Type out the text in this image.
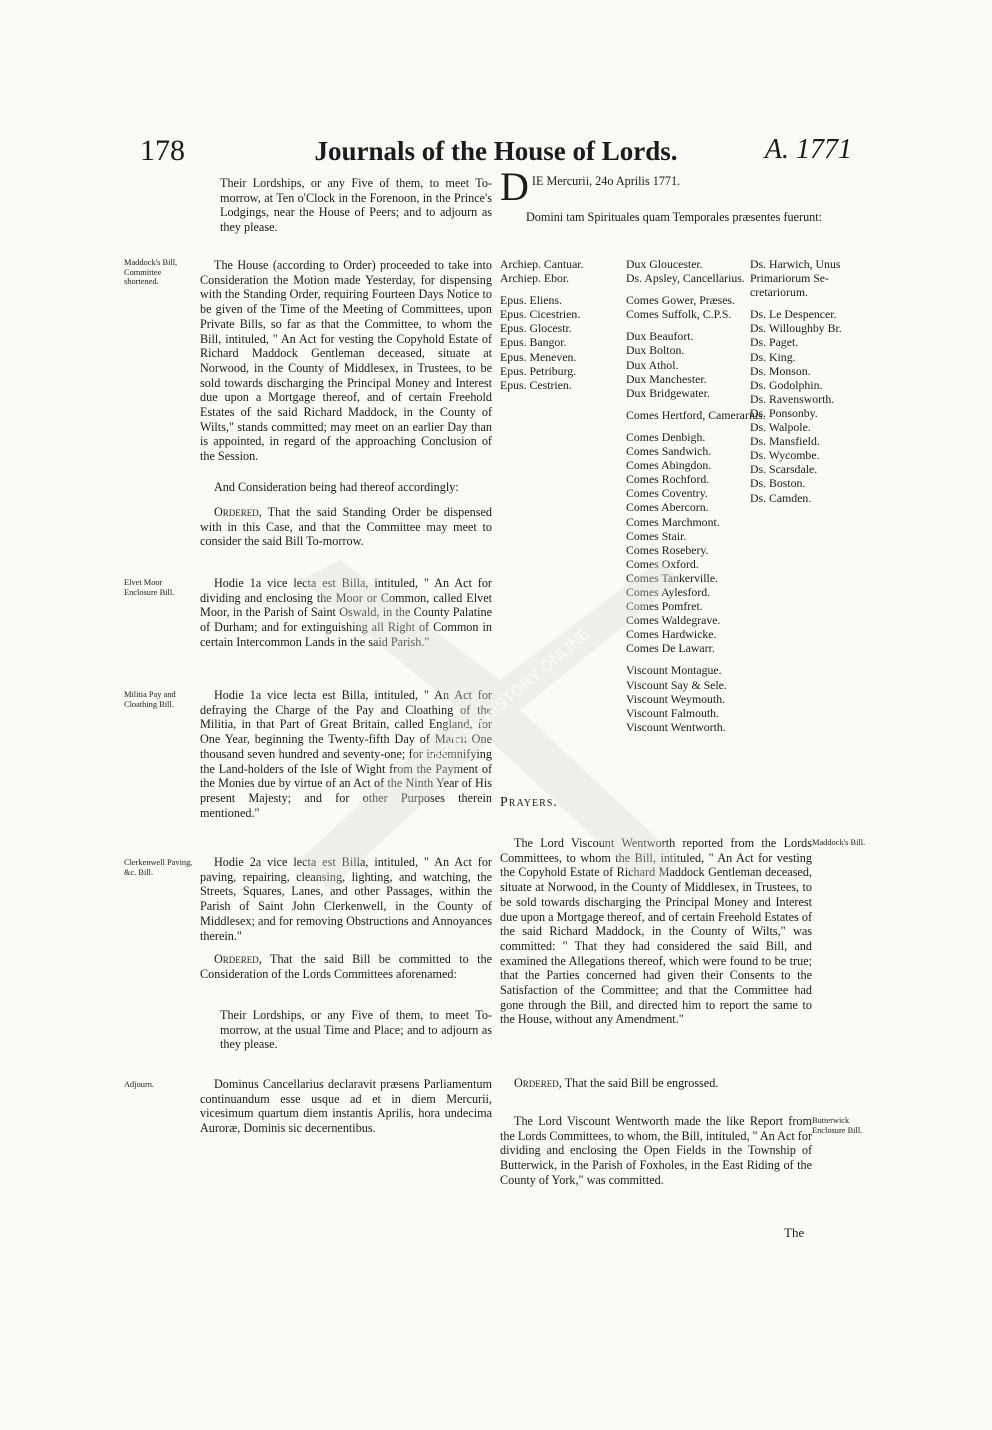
178	Journals of the House of Lords.	A. 1771

Their Lordships, or any Five of them, to meet To-morrow, at Ten o'Clock in the Forenoon, in the Prince's Lodgings, near the House of Peers; and to adjourn as they please.

Maddock's Bill, Committee shortened.

The House (according to Order) proceeded to take into Consideration the Motion made Yesterday, for dispensing with the Standing Order, requiring Fourteen Days Notice to be given of the Time of the Meeting of Committees, upon Private Bills, so far as that the Committee, to whom the Bill, intituled, " An Act for vesting the Copyhold Estate of Richard Maddock Gentleman deceased, situate at Norwood, in the County of Middlesex, in Trustees, to be sold towards discharging the Principal Money and Interest due upon a Mortgage thereof, and of certain Freehold Estates of the said Richard Maddock, in the County of Wilts," stands committed; may meet on an earlier Day than is appointed, in regard of the approaching Conclusion of the Session.

And Consideration being had thereof accordingly:

Ordered, That the said Standing Order be dispensed with in this Case, and that the Committee may meet to consider the said Bill To-morrow.

Elvet Moor Enclosure Bill.

Hodie 1a vice lecta est Billa, intituled, " An Act for dividing and enclosing the Moor or Common, called Elvet Moor, in the Parish of Saint Oswald, in the County Palatine of Durham; and for extinguishing all Right of Common in certain Intercommon Lands in the said Parish."

Militia Pay and Cloathing Bill.

Hodie 1a vice lecta est Billa, intituled, " An Act for defraying the Charge of the Pay and Cloathing of the Militia, in that Part of Great Britain, called England, for One Year, beginning the Twenty-fifth Day of March One thousand seven hundred and seventy-one; for indemnifying the Land-holders of the Isle of Wight from the Payment of the Monies due by virtue of an Act of the Ninth Year of His present Majesty; and for other Purposes therein mentioned."

Clerkenwell Paving, &c. Bill.

Hodie 2a vice lecta est Billa, intituled, " An Act for paving, repairing, cleansing, lighting, and watching, the Streets, Squares, Lanes, and other Passages, within the Parish of Saint John Clerkenwell, in the County of Middlesex; and for removing Obstructions and Annoyances therein."

Ordered, That the said Bill be committed to the Consideration of the Lords Committees aforenamed:

Their Lordships, or any Five of them, to meet To-morrow, at the usual Time and Place; and to adjourn as they please.

Adjourn.	Dominus Cancellarius declaravit præsens Parliamentum continuandum esse usque ad et in diem Mercurii, vicesimum quartum diem instantis Aprilis, hora undecima Auroræ, Dominis sic decernentibus.

D IE Mercurii, 24o Aprilis 1771.

Domini tam Spirituales quam Temporales præsentes fuerunt:

Archiep. Cantuar.
Archiep. Ebor.
Epus. Eliens.
Epus. Cicestrien.
Epus. Glocestr.
Epus. Bangor.
Epus. Meneven.
Epus. Petriburg.
Epus. Cestrien.
Dux Gloucester.
Ds. Apsley, Cancellarius.
Comes Gower, Præses.
Comes Suffolk, C.P.S.
Dux Beaufort.
Dux Bolton.
Dux Athol.
Dux Manchester.
Dux Bridgewater.
Comes Hertford, Camerarius.
Comes Denbigh.
Comes Sandwich.
Comes Abingdon.
Comes Rochford.
Comes Coventry.
Comes Abercorn.
Comes Marchmont.
Comes Stair.
Comes Rosebery.
Comes Oxford.
Comes Tankerville.
Comes Aylesford.
Comes Pomfret.
Comes Waldegrave.
Comes Hardwicke.
Comes De Lawarr.
Viscount Montague.
Viscount Say & Sele.
Viscount Weymouth.
Viscount Falmouth.
Viscount Wentworth.
Ds. Harwich, Unus
Primariorum Se-
cretariorum.
Ds. Le Despencer.
Ds. Willoughby Br.
Ds. Paget.
Ds. King.
Ds. Monson.
Ds. Godolphin.
Ds. Ravensworth.
Ds. Ponsonby.
Ds. Walpole.
Ds. Mansfield.
Ds. Wycombe.
Ds. Scarsdale.
Ds. Boston.
Ds. Camden.

Prayers.

Maddock's Bill.

The Lord Viscount Wentworth reported from the Lords Committees, to whom the Bill, intituled, " An Act for vesting the Copyhold Estate of Richard Maddock Gentleman deceased, situate at Norwood, in the County of Middlesex, in Trustees, to be sold towards discharging the Principal Money and Interest due upon a Mortgage thereof, and of certain Freehold Estates of the said Richard Maddock, in the County of Wilts," was committed: " That they had considered the said Bill, and examined the Allegations thereof, which were found to be true; that the Parties concerned had given their Consents to the Satisfaction of the Committee; and that the Committee had gone through the Bill, and directed him to report the same to the House, without any Amendment."

Ordered, That the said Bill be engrossed.

Butterwick Enclosure Bill.

The Lord Viscount Wentworth made the like Report from the Lords Committees, to whom, the Bill, intituled, " An Act for dividing and enclosing the Open Fields in the Township of Butterwick, in the Parish of Foxholes, in the East Riding of the County of York," was committed.

The
BRITISH HISTORY ONLINE
